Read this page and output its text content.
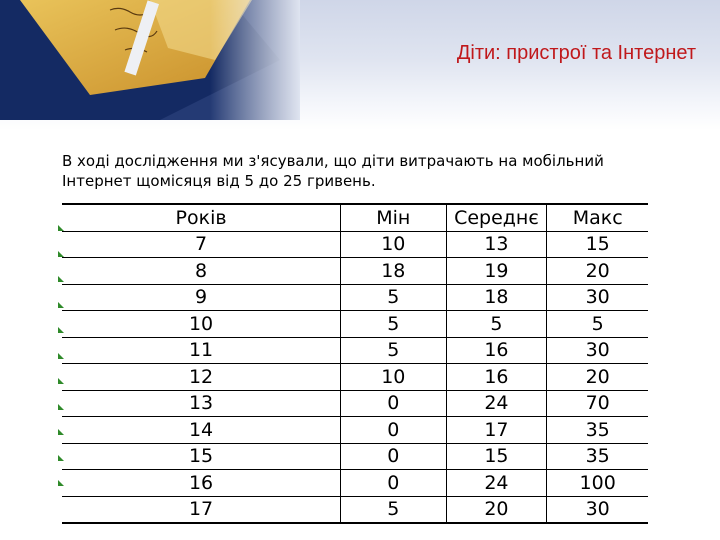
Діти: пристрої та Інтернет
В ході дослідження ми з'ясували, що діти витрачають на мобільний Інтернет щомісяця від 5 до 25 гривень.
Років	Мін	Середнє	Макс
7	10	13	15
8	18	19	20
9	5	18	30
10	5	5	5
11	5	16	30
12	10	16	20
13	0	24	70
14	0	17	35
15	0	15	35
16	0	24	100
17	5	20	30
